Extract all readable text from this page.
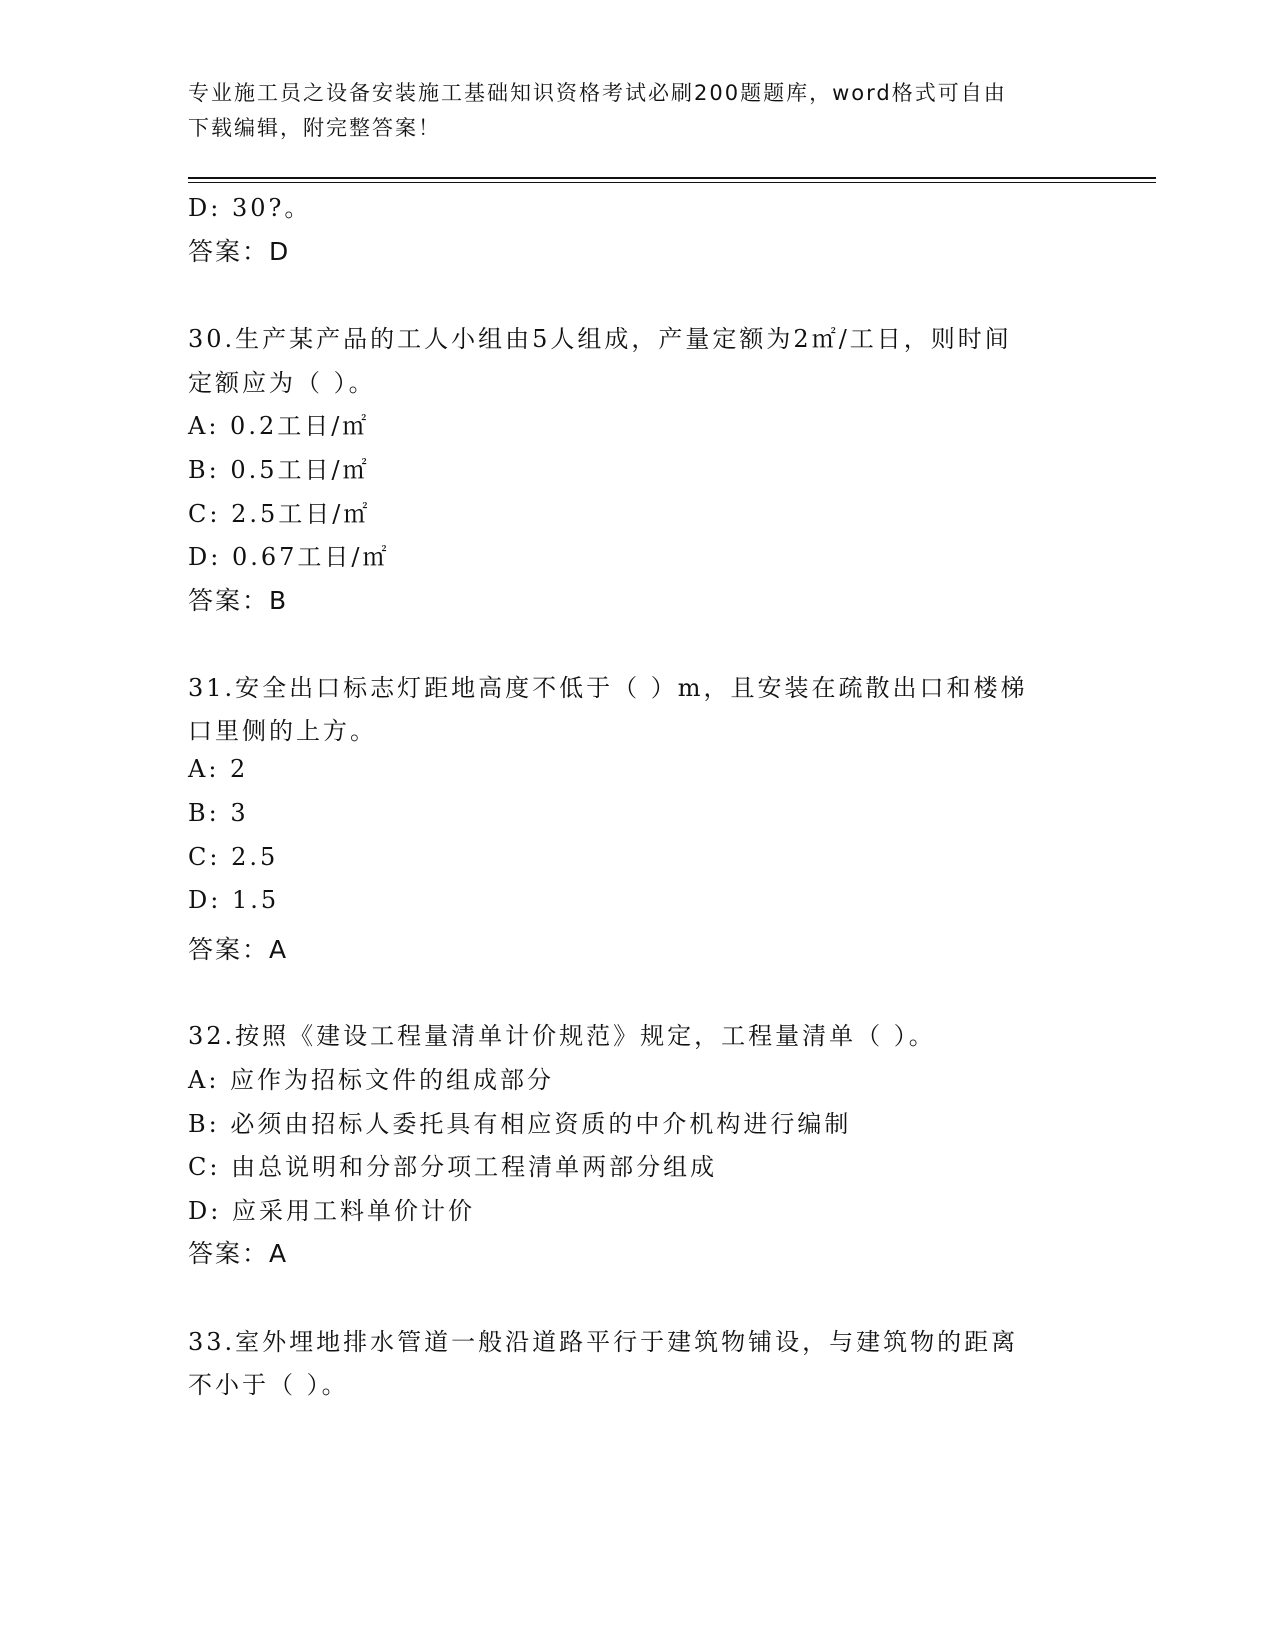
专业施工员之设备安装施工基础知识资格考试必刷200题题库，word格式可自由
下载编辑，附完整答案！
D: 30?。
答案：D
30.生产某产品的工人小组由5人组成，产量定额为2㎡/工日，则时间
定额应为（ ）。
A: 0.2工日/㎡
B: 0.5工日/㎡
C: 2.5工日/㎡
D: 0.67工日/㎡
答案：B
31.安全出口标志灯距地高度不低于（ ）m，且安装在疏散出口和楼梯
口里侧的上方。
A: 2
B: 3
C: 2.5
D: 1.5
答案：A
32.按照《建设工程量清单计价规范》规定，工程量清单（ ）。
A: 应作为招标文件的组成部分
B: 必须由招标人委托具有相应资质的中介机构进行编制
C: 由总说明和分部分项工程清单两部分组成
D: 应采用工料单价计价
答案：A
33.室外埋地排水管道一般沿道路平行于建筑物铺设，与建筑物的距离
不小于（ ）。
